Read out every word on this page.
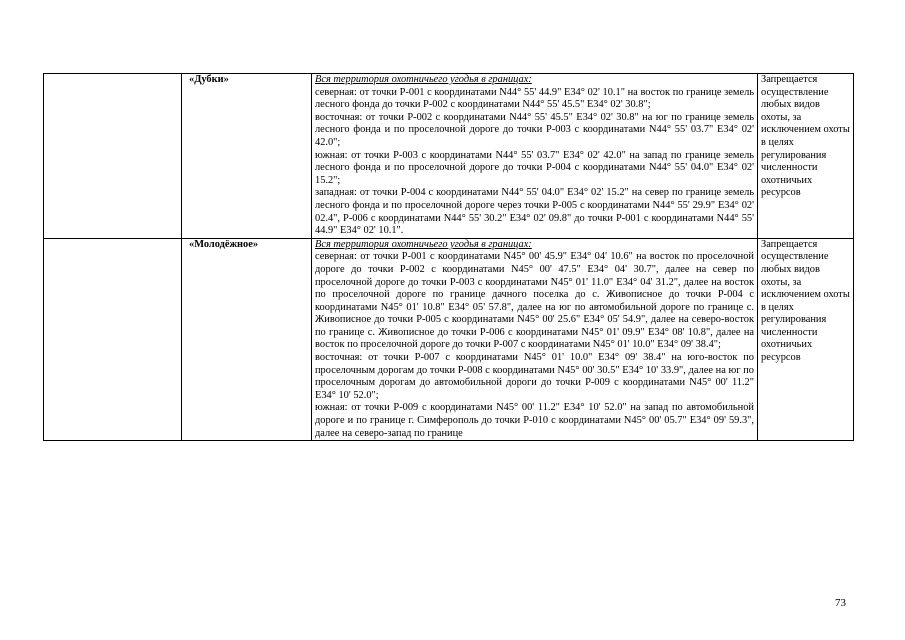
	«Дубки»	Вся территория охотничьего угодья в границах:
северная: от точки Р-001 с координатами N44° 55' 44.9" E34° 02' 10.1" на восток по границе земель лесного фонда до точки Р-002 с координатами N44° 55' 45.5" E34° 02' 30.8";
восточная: от точки Р-002 с координатами N44° 55' 45.5" E34° 02' 30.8" на юг по границе земель лесного фонда и по проселочной дороге до точки Р-003 с координатами N44° 55' 03.7" E34° 02' 42.0";
южная: от точки Р-003 с координатами N44° 55' 03.7" E34° 02' 42.0" на запад по границе земель лесного фонда и по проселочной дороге до точки Р-004 с координатами N44° 55' 04.0" E34° 02' 15.2";
западная: от точки Р-004 с координатами N44° 55' 04.0" E34° 02' 15.2" на север по границе земель лесного фонда и по проселочной дороге через точки Р-005 с координатами N44° 55' 29.9" E34° 02' 02.4", Р-006 с координатами N44° 55' 30.2" E34° 02' 09.8" до точки Р-001 с координатами N44° 55' 44.9" E34° 02' 10.1".	Запрещается осуществление любых видов охоты, за исключением охоты в целях регулирования численности охотничьих ресурсов

	«Молодёжное»	Вся территория охотничьего угодья в границах:
северная: от точки Р-001 с координатами N45° 00' 45.9" E34° 04' 10.6" на восток по проселочной дороге до точки Р-002 с координатами N45° 00' 47.5" E34° 04' 30.7", далее на север по проселочной дороге до точки Р-003 с координатами N45° 01' 11.0" E34° 04' 31.2", далее на восток по проселочной дороге по границе дачного поселка до с. Живописное до точки Р-004 с координатами N45° 01' 10.8" E34° 05' 57.8", далее на юг по автомобильной дороге по границе с. Живописное до точки Р-005 с координатами N45° 00' 25.6" E34° 05' 54.9", далее на северо-восток по границе с. Живописное до точки Р-006 с координатами N45° 01' 09.9" E34° 08' 10.8", далее на восток по проселочной дороге до точки Р-007 с координатами N45° 01' 10.0" E34° 09' 38.4";
восточная: от точки Р-007 с координатами N45° 01' 10.0" E34° 09' 38.4" на юго-восток по проселочным дорогам до точки Р-008 с координатами N45° 00' 30.5" E34° 10' 33.9", далее на юг по проселочным дорогам до автомобильной дороги до точки Р-009 с координатами N45° 00' 11.2" E34° 10' 52.0";
южная: от точки Р-009 с координатами N45° 00' 11.2" E34° 10' 52.0" на запад по автомобильной дороге и по границе г. Симферополь до точки Р-010 с координатами N45° 00' 05.7" E34° 09' 59.3", далее на северо-запад по границе	Запрещается осуществление любых видов охоты, за исключением охоты в целях регулирования численности охотничьих ресурсов
73
